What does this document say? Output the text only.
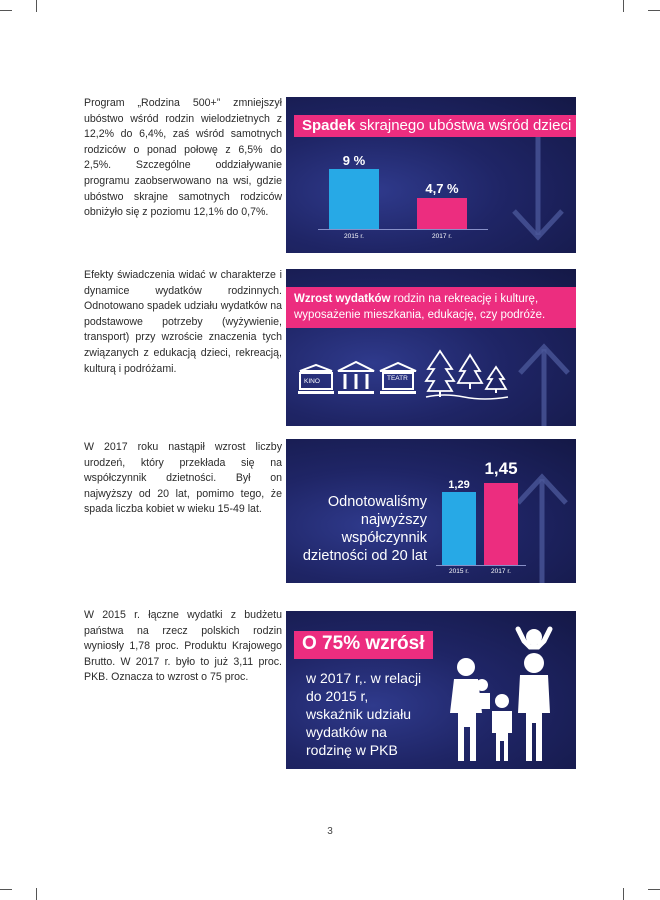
Program „Rodzina 500+” zmniejszył ubóstwo wśród rodzin wielodzietnych z 12,2% do 6,4%, zaś wśród samotnych rodziców o ponad połowę z 6,5% do 2,5%. Szczególne oddziaływanie programu zaobserwowano na wsi, gdzie ubóstwo skrajne samotnych rodziców obniżyło się z poziomu 12,1% do 0,7%.

Efekty świadczenia widać w charakterze i dynamice wydatków rodzinnych. Odnotowano spadek udziału wydatków na podstawowe potrzeby (wyżywienie, transport) przy wzroście znaczenia tych związanych z edukacją dzieci, rekreacją, kulturą i podróżami.

W 2017 roku nastąpił wzrost liczby urodzeń, który przekłada się na współczynnik dzietności. Był on najwyższy od 20 lat, pomimo tego, że spada liczba kobiet w wieku 15-49 lat.

W 2015 r. łączne wydatki z budżetu państwa na rzecz polskich rodzin wyniosły 1,78 proc. Produktu Krajowego Brutto. W 2017 r. było to już 3,11 proc. PKB. Oznacza to wzrost o 75 proc.

Spadek skrajnego ubóstwa wśród dzieci
9 %
4,7 %
2015 r.	2017 r.
Wzrost wydatków rodzin na rekreację i kulturę, wyposażenie mieszkania, edukację, czy podróże.
KINO	TEATR
Odnotowaliśmy najwyższy współczynnik dzietności od 20 lat
1,29
1,45
2015 r.	2017 r.
O 75% wzrósł
w 2017 r,. w relacji do 2015 r, wskaźnik udziału wydatków na rodzinę w PKB
3
